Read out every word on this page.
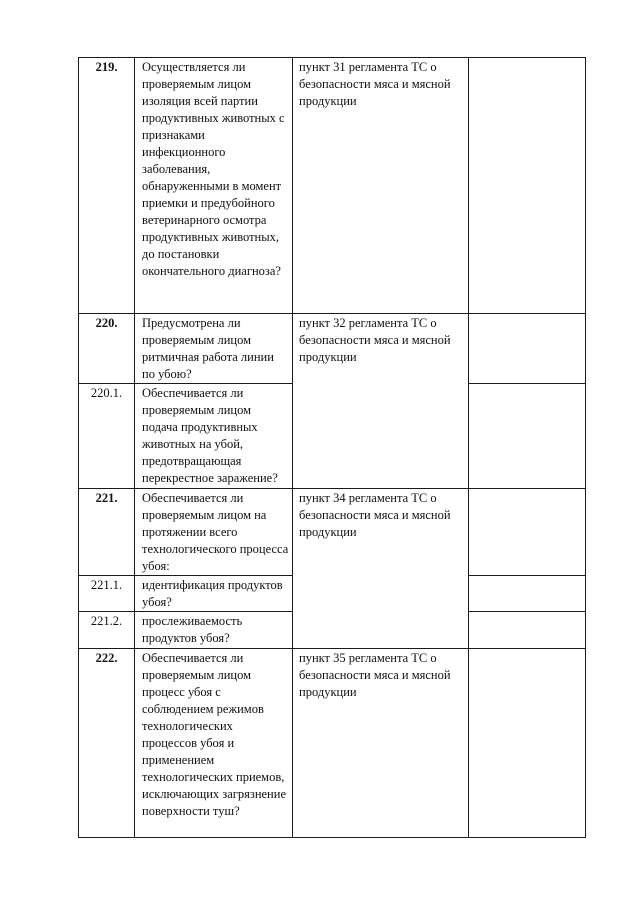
219.	Осуществляется ли проверяемым лицом изоляция всей партии продуктивных животных с признаками инфекционного заболевания, обнаруженными в момент приемки и предубойного ветеринарного осмотра продуктивных животных, до постановки окончательного диагноза?	пункт 31 регламента ТС о безопасности мяса и мясной продукции	
220.	Предусмотрена ли проверяемым лицом ритмичная работа линии по убою?	пункт 32 регламента ТС о безопасности мяса и мясной продукции	
220.1.	Обеспечивается ли проверяемым лицом подача продуктивных животных на убой, предотвращающая перекрестное заражение?		
221.	Обеспечивается ли проверяемым лицом на протяжении всего технологического процесса убоя:	пункт 34 регламента ТС о безопасности мяса и мясной продукции	
221.1.	идентификация продуктов убоя?		
221.2.	прослеживаемость продуктов убоя?		
222.	Обеспечивается ли проверяемым лицом процесс убоя с соблюдением режимов технологических процессов убоя и применением технологических приемов, исключающих загрязнение поверхности туш?	пункт 35 регламента ТС о безопасности мяса и мясной продукции	
